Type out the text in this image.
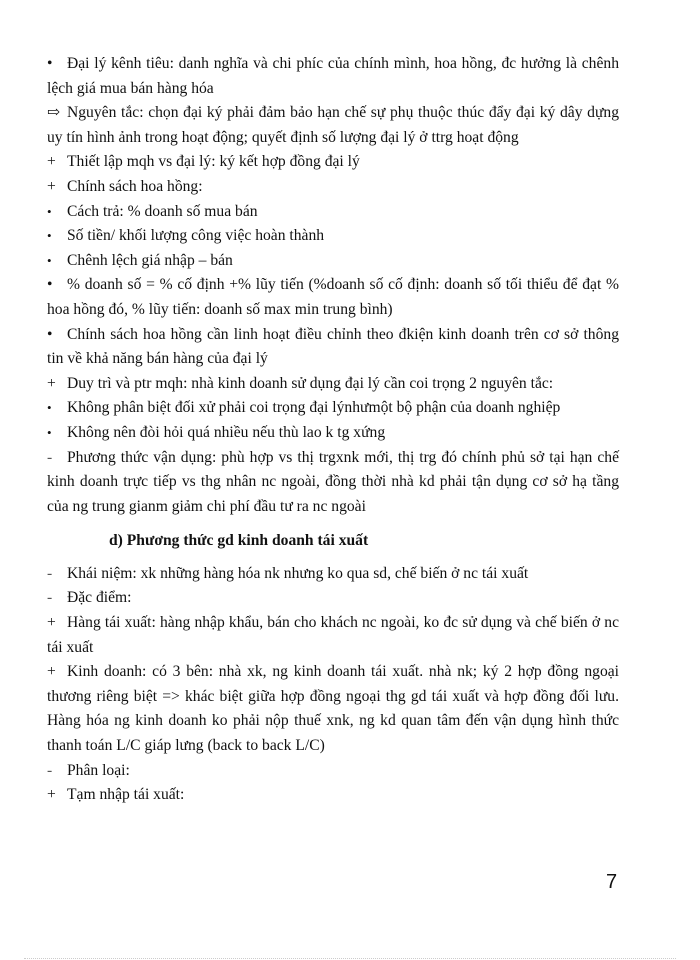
• Đại lý kênh tiêu: danh nghĩa và chi phíc của chính mình, hoa hồng, đc hưởng là chênh lệch giá mua bán hàng hóa
⇨ Nguyên tắc: chọn đại ký phải đảm bảo hạn chế sự phụ thuộc thúc đẩy đại ký dây dựng uy tín hình ảnh trong hoạt động; quyết định số lượng đại lý ở ttrg hoạt động
+ Thiết lập mqh vs đại lý: ký kết hợp đồng đại lý
+ Chính sách hoa hồng:
• Cách trả: % doanh số mua bán
• Số tiền/ khối lượng công việc hoàn thành
• Chênh lệch giá nhập – bán
• % doanh số = % cố định +% lũy tiến (%doanh số cố định: doanh số tối thiểu để đạt % hoa hồng đó, % lũy tiến: doanh số max min trung bình)
• Chính sách hoa hồng cần linh hoạt điều chỉnh theo đkiện kinh doanh trên cơ sở thông tin về khả năng bán hàng của đại lý
+ Duy trì và ptr mqh: nhà kinh doanh sử dụng đại lý cần coi trọng 2 nguyên tắc:
• Không phân biệt đối xử phải coi trọng đại lýnhưmột bộ phận của doanh nghiệp
• Không nên đòi hỏi quá nhiều nếu thù lao k tg xứng
- Phương thức vận dụng: phù hợp vs thị trgxnk mới, thị trg đó chính phủ sở tại hạn chế kinh doanh trực tiếp vs thg nhân nc ngoài, đồng thời nhà kd phải tận dụng cơ sở hạ tầng của ng trung gianm giảm chi phí đầu tư ra nc ngoài
d) Phương thức gd kinh doanh tái xuất
- Khái niệm: xk những hàng hóa nk nhưng ko qua sd, chế biến ở nc tái xuất
- Đặc điểm:
+ Hàng tái xuất: hàng nhập khẩu, bán cho khách nc ngoài, ko đc sử dụng và chế biến ở nc tái xuất
+ Kinh doanh: có 3 bên: nhà xk, ng kinh doanh tái xuất. nhà nk; ký 2 hợp đồng ngoại thương riêng biệt => khác biệt giữa hợp đồng ngoại thg gd tái xuất và hợp đồng đối lưu. Hàng hóa ng kinh doanh ko phải nộp thuế xnk, ng kd quan tâm đến vận dụng hình thức thanh toán L/C giáp lưng (back to back L/C)
- Phân loại:
+ Tạm nhập tái xuất:
7
